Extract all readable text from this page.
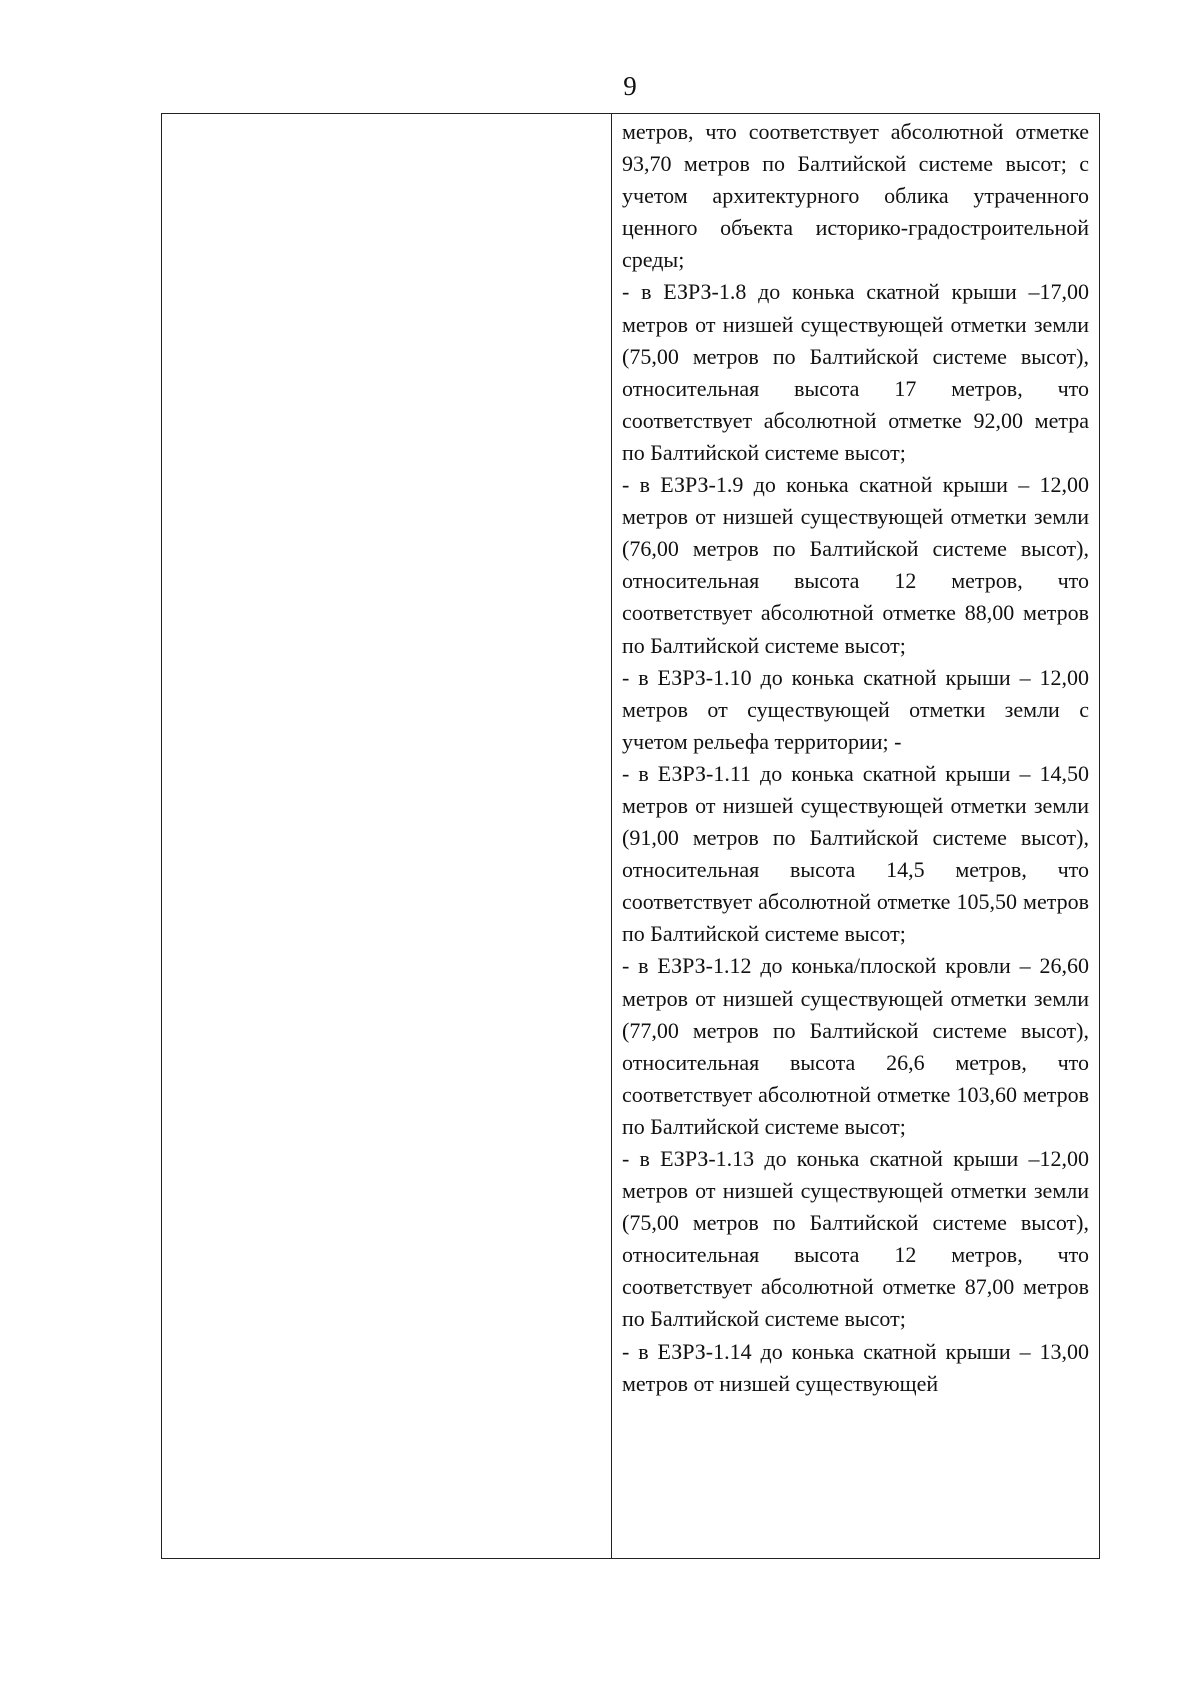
9

метров, что соответствует абсолютной отметке 93,70 метров по Балтийской системе высот; с учетом архитектурного облика утраченного ценного объекта историко-градостроительной среды;

- в ЕЗРЗ-1.8 до конька скатной крыши –17,00 метров от низшей существующей отметки земли (75,00 метров по Балтийской системе высот), относительная высота 17 метров, что соответствует абсолютной отметке 92,00 метра по Балтийской системе высот;

- в ЕЗРЗ-1.9 до конька скатной крыши – 12,00 метров от низшей существующей отметки земли (76,00 метров по Балтийской системе высот), относительная высота 12 метров, что соответствует абсолютной отметке 88,00 метров по Балтийской системе высот;

- в ЕЗРЗ-1.10 до конька скатной крыши – 12,00 метров от существующей отметки земли с учетом рельефа территории; -

- в ЕЗРЗ-1.11 до конька скатной крыши – 14,50 метров от низшей существующей отметки земли (91,00 метров по Балтийской системе высот), относительная высота 14,5 метров, что соответствует абсолютной отметке 105,50 метров по Балтийской системе высот;

- в ЕЗРЗ-1.12 до конька/плоской кровли – 26,60 метров от низшей существующей отметки земли (77,00 метров по Балтийской системе высот), относительная высота 26,6 метров, что соответствует абсолютной отметке 103,60 метров по Балтийской системе высот;

- в ЕЗРЗ-1.13 до конька скатной крыши –12,00 метров от низшей существующей отметки земли (75,00 метров по Балтийской системе высот), относительная высота 12 метров, что соответствует абсолютной отметке 87,00 метров по Балтийской системе высот;

- в ЕЗРЗ-1.14 до конька скатной крыши – 13,00 метров от низшей существующей
